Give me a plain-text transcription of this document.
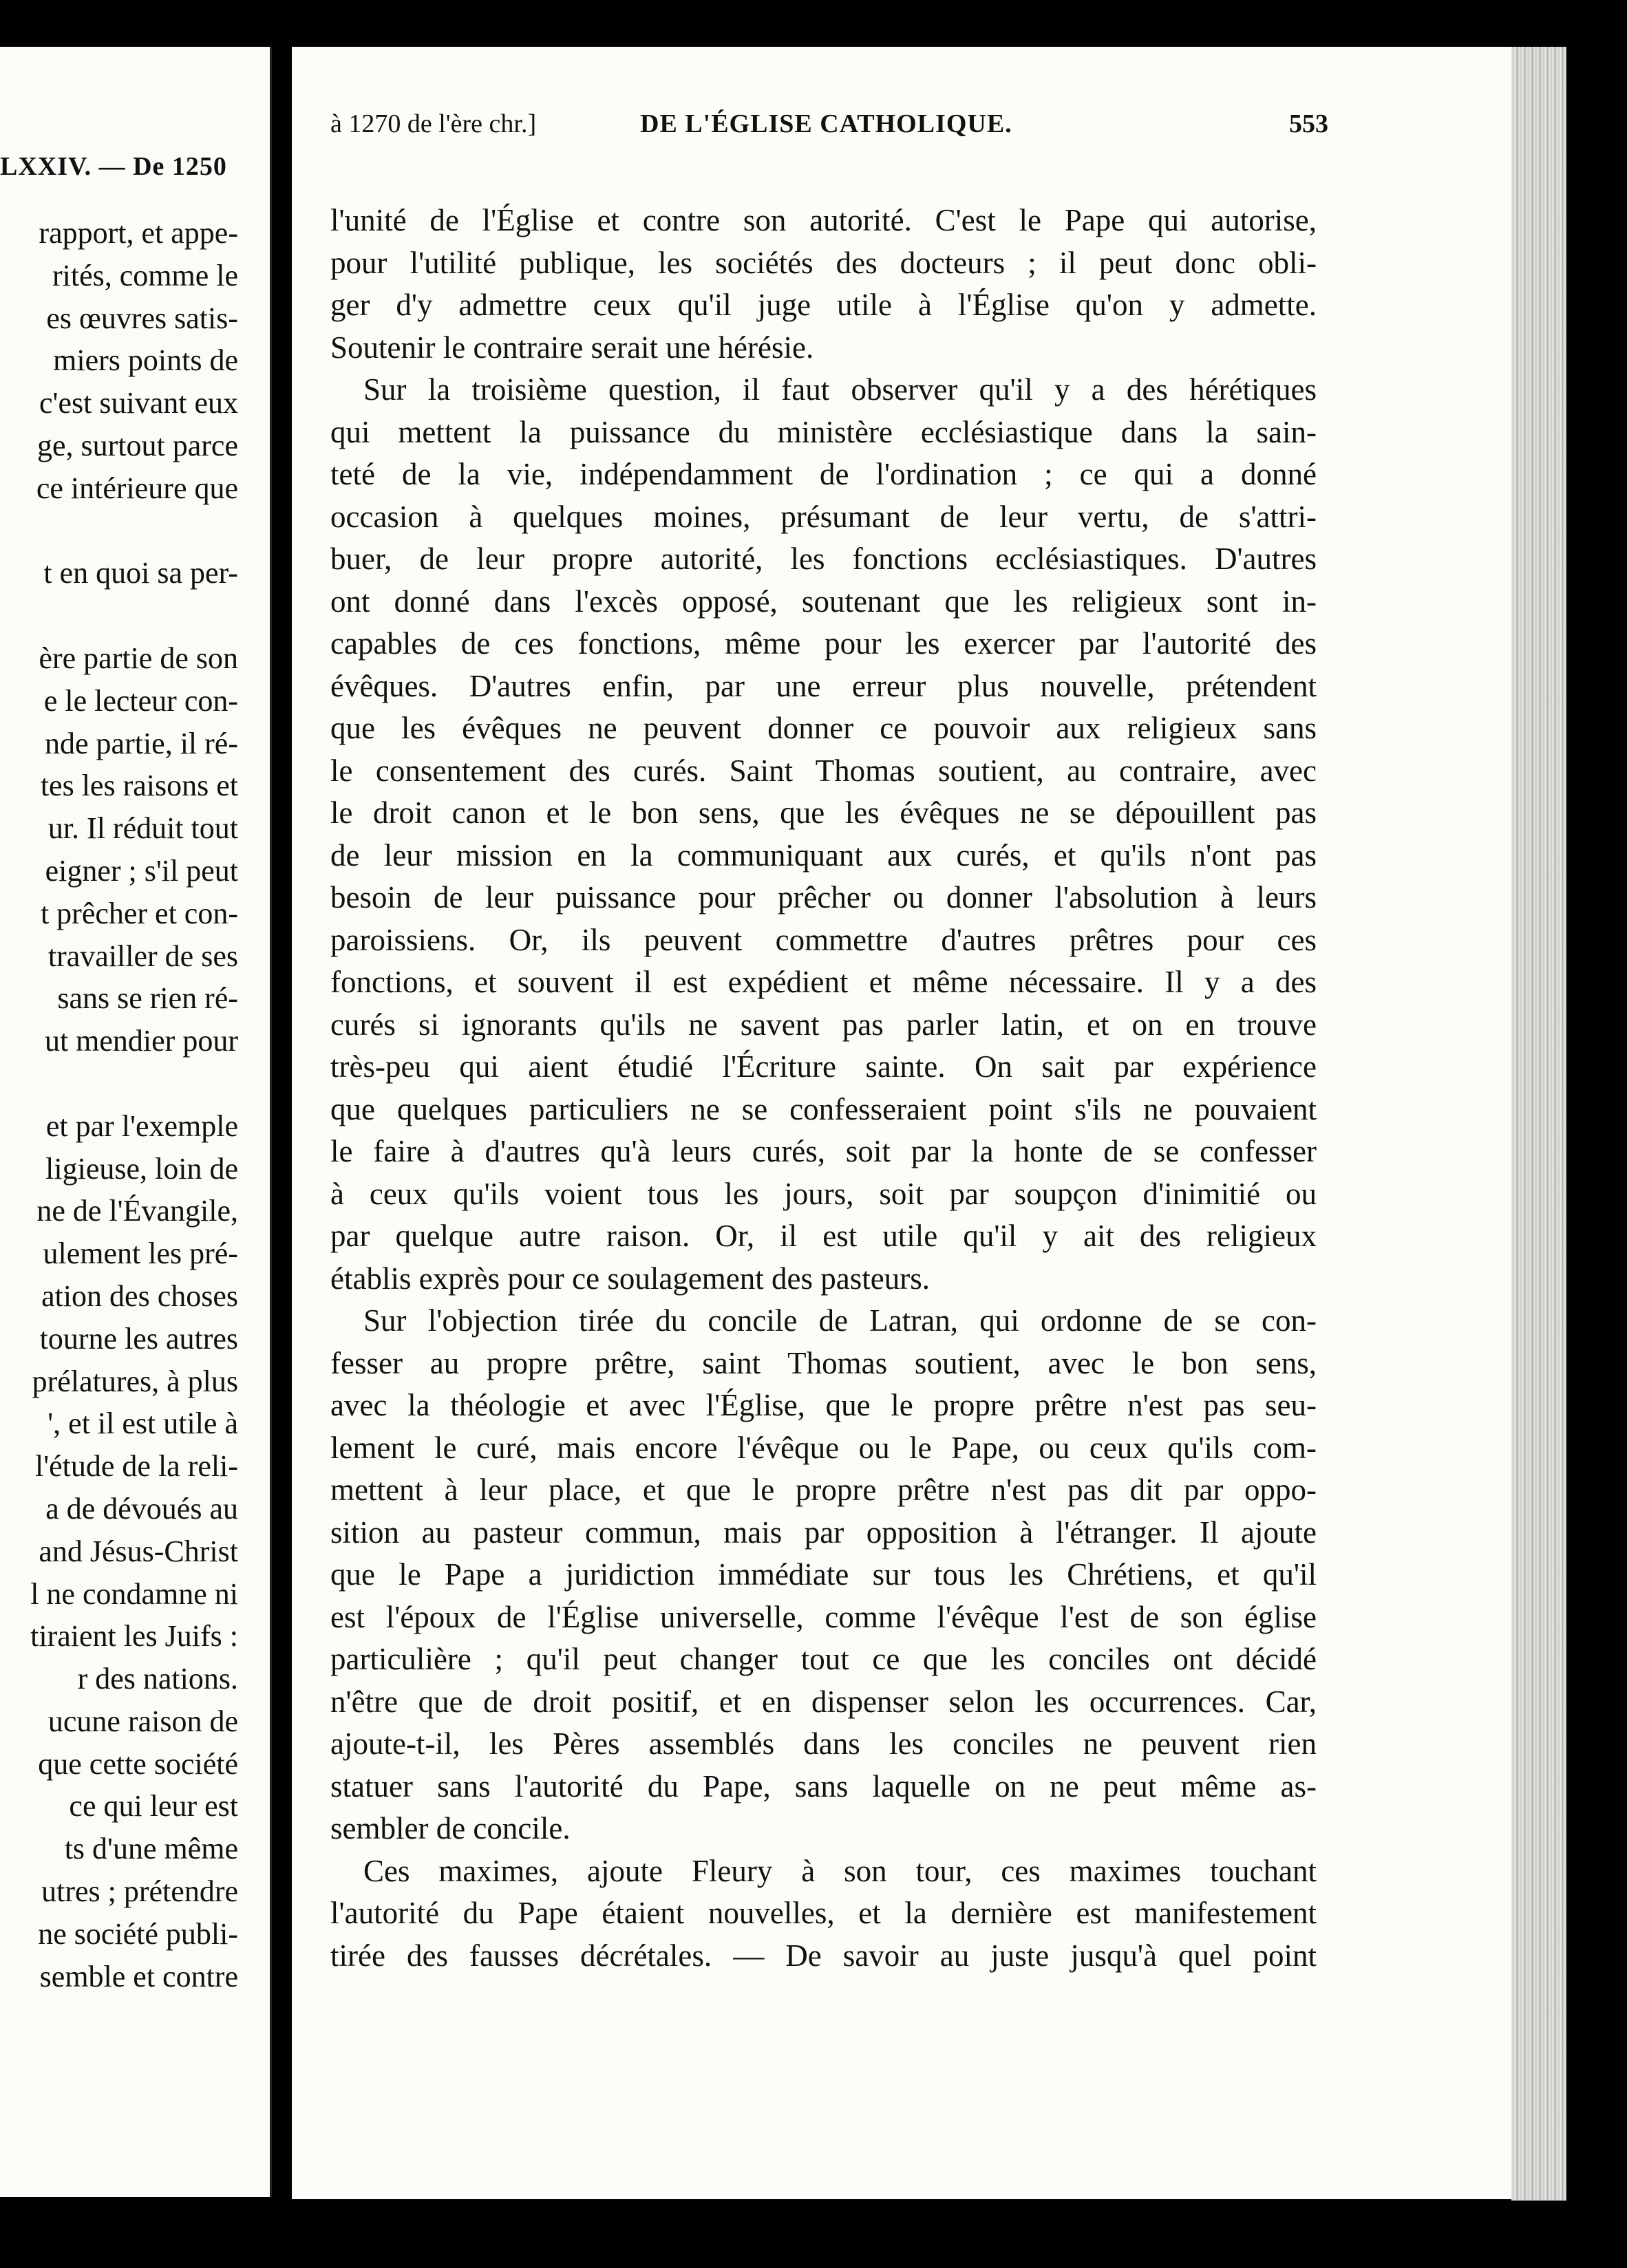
LXXIV. — De 1250
rapport, et appe-
rités, comme le
es œuvres satis-
miers points de
c'est suivant eux
ge, surtout parce
ce intérieure que
t en quoi sa per-
ère partie de son
e le lecteur con-
nde partie, il ré-
tes les raisons et
ur. Il réduit tout
eigner ; s'il peut
t prêcher et con-
travailler de ses
sans se rien ré-
ut mendier pour
et par l'exemple
ligieuse, loin de
ne de l'Évangile,
ulement les pré-
ation des choses
tourne les autres
prélatures, à plus
', et il est utile à
l'étude de la reli-
a de dévoués au
and Jésus-Christ
l ne condamne ni
tiraient les Juifs :
r des nations.
ucune raison de
que cette société
ce qui leur est
ts d'une même
utres ; prétendre
ne société publi-
semble et contre
à 1270 de l'ère chr.]	DE L'ÉGLISE CATHOLIQUE.	553
l'unité de l'Église et contre son autorité. C'est le Pape qui autorise,
pour l'utilité publique, les sociétés des docteurs ; il peut donc obli-
ger d'y admettre ceux qu'il juge utile à l'Église qu'on y admette.
Soutenir le contraire serait une hérésie.
Sur la troisième question, il faut observer qu'il y a des hérétiques
qui mettent la puissance du ministère ecclésiastique dans la sain-
teté de la vie, indépendamment de l'ordination ; ce qui a donné
occasion à quelques moines, présumant de leur vertu, de s'attri-
buer, de leur propre autorité, les fonctions ecclésiastiques. D'autres
ont donné dans l'excès opposé, soutenant que les religieux sont in-
capables de ces fonctions, même pour les exercer par l'autorité des
évêques. D'autres enfin, par une erreur plus nouvelle, prétendent
que les évêques ne peuvent donner ce pouvoir aux religieux sans
le consentement des curés. Saint Thomas soutient, au contraire, avec
le droit canon et le bon sens, que les évêques ne se dépouillent pas
de leur mission en la communiquant aux curés, et qu'ils n'ont pas
besoin de leur puissance pour prêcher ou donner l'absolution à leurs
paroissiens. Or, ils peuvent commettre d'autres prêtres pour ces
fonctions, et souvent il est expédient et même nécessaire. Il y a des
curés si ignorants qu'ils ne savent pas parler latin, et on en trouve
très-peu qui aient étudié l'Écriture sainte. On sait par expérience
que quelques particuliers ne se confesseraient point s'ils ne pouvaient
le faire à d'autres qu'à leurs curés, soit par la honte de se confesser
à ceux qu'ils voient tous les jours, soit par soupçon d'inimitié ou
par quelque autre raison. Or, il est utile qu'il y ait des religieux
établis exprès pour ce soulagement des pasteurs.
Sur l'objection tirée du concile de Latran, qui ordonne de se con-
fesser au propre prêtre, saint Thomas soutient, avec le bon sens,
avec la théologie et avec l'Église, que le propre prêtre n'est pas seu-
lement le curé, mais encore l'évêque ou le Pape, ou ceux qu'ils com-
mettent à leur place, et que le propre prêtre n'est pas dit par oppo-
sition au pasteur commun, mais par opposition à l'étranger. Il ajoute
que le Pape a juridiction immédiate sur tous les Chrétiens, et qu'il
est l'époux de l'Église universelle, comme l'évêque l'est de son église
particulière ; qu'il peut changer tout ce que les conciles ont décidé
n'être que de droit positif, et en dispenser selon les occurrences. Car,
ajoute-t-il, les Pères assemblés dans les conciles ne peuvent rien
statuer sans l'autorité du Pape, sans laquelle on ne peut même as-
sembler de concile.
Ces maximes, ajoute Fleury à son tour, ces maximes touchant
l'autorité du Pape étaient nouvelles, et la dernière est manifestement
tirée des fausses décrétales. — De savoir au juste jusqu'à quel point
